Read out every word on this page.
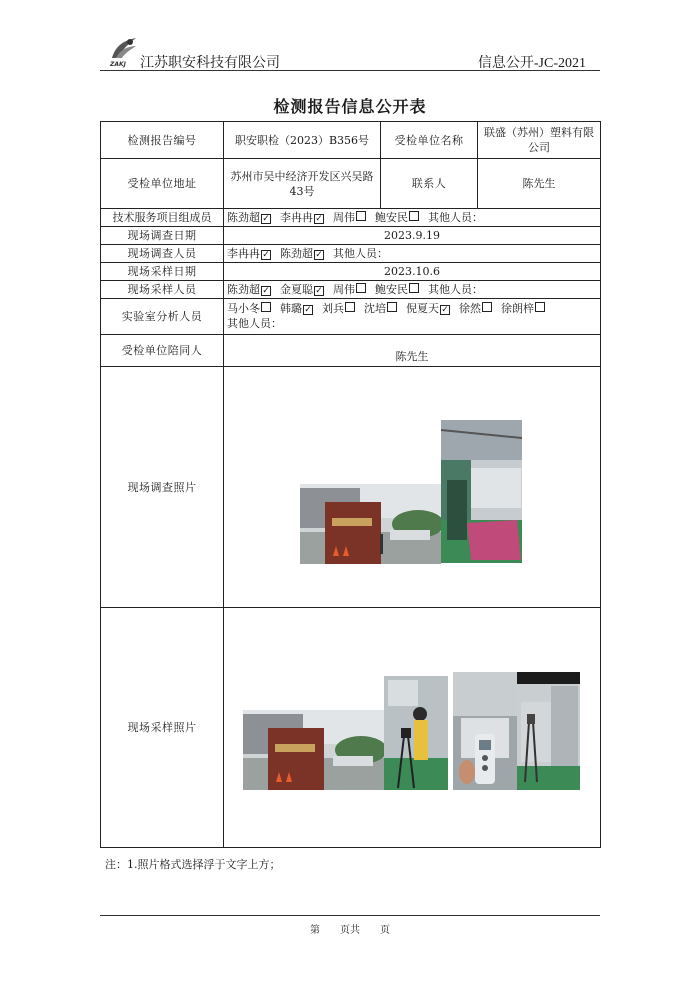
ZAKJ 江苏职安科技有限公司	信息公开-JC-2021
检测报告信息公开表
检测报告编号	职安职检（2023）B356号	受检单位名称	联盛（苏州）塑料有限公司
受检单位地址	苏州市吴中经济开发区兴吴路43号	联系人	陈先生
技术服务项目组成员	陈劲超 ✓ 李冉冉 ✓ 周伟 鲍安民 其他人员：		
现场调查日期	2023.9.19		
现场调查人员	李冉冉 ✓ 陈劲超 ✓ 其他人员：		
现场采样日期	2023.10.6		
现场采样人员	陈劲超 ✓ 金夏聪 ✓ 周伟 鲍安民 其他人员：		
实验室分析人员	马小冬 韩璐 ✓ 刘兵 沈培 倪夏天 ✓ 徐然 徐朗梓
其他人员：		
受检单位陪同人	陈先生		
现场调查照片			
现场采样照片			
注：1.照片格式选择浮于文字上方；
第 页共 页
